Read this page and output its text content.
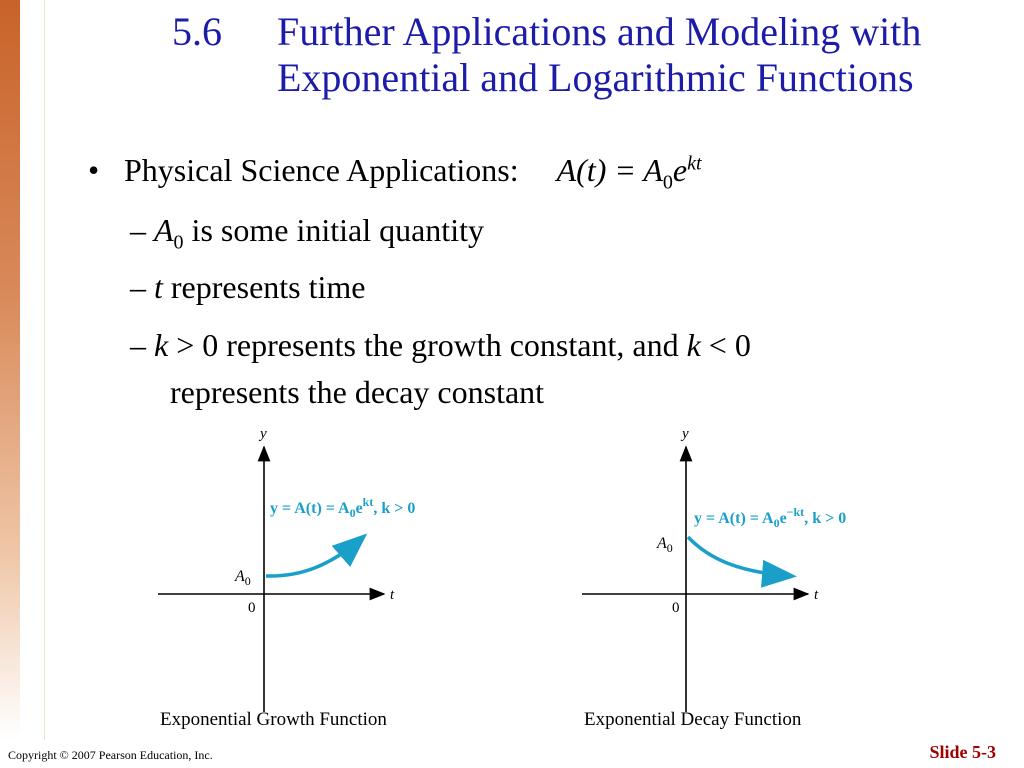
5.6 Further Applications and Modeling with
Exponential and Logarithmic Functions
• Physical Science Applications: $A(t) = A_0e^{kt}$
– $A_0$ is some initial quantity
– t represents time
– k > 0 represents the growth constant, and k < 0
represents the decay constant
y
t
0
$A_0$
$y = A(t) = A_0e^{kt}$, k > 0
y
t
0
$A_0$
$y = A(t) = A_0e^{-kt}$, k > 0
Exponential Growth Function	Exponential Decay Function
Copyright © 2007 Pearson Education, Inc.	Slide 5-3
